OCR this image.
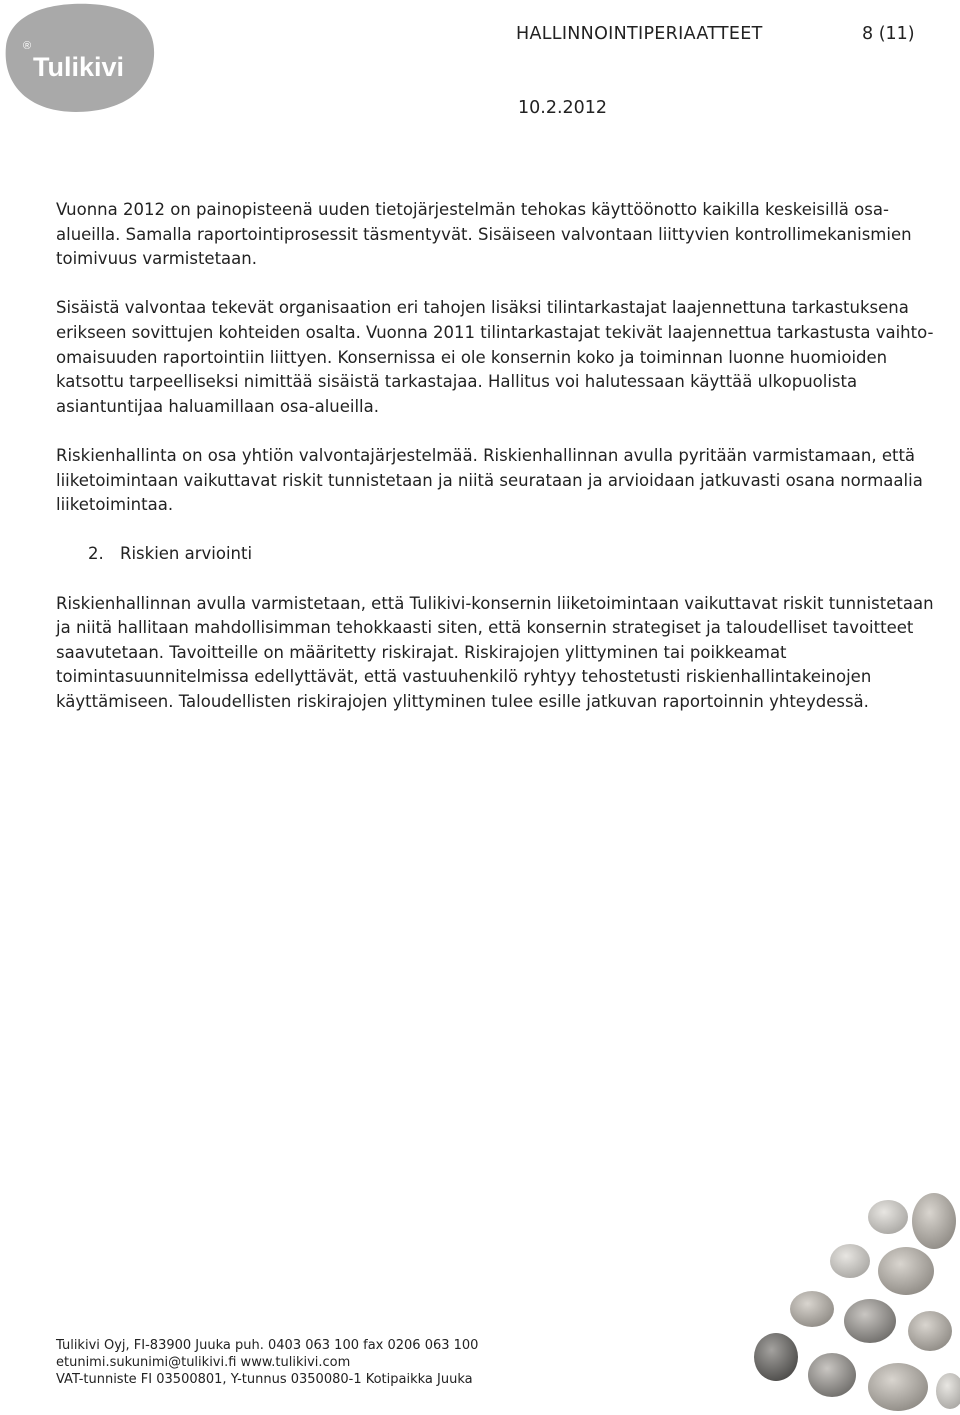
®
Tulikivi
HALLINNOINTIPERIAATTEET	8 (11)
10.2.2012

Vuonna 2012 on painopisteenä uuden tietojärjestelmän tehokas käyttöönotto kaikilla keskeisillä osa-alueilla. Samalla raportointiprosessit täsmentyvät. Sisäiseen valvontaan liittyvien kontrollimekanismien toimivuus varmistetaan.

Sisäistä valvontaa tekevät organisaation eri tahojen lisäksi tilintarkastajat laajennettuna tarkastuksena erikseen sovittujen kohteiden osalta. Vuonna 2011 tilintarkastajat tekivät laajennettua tarkastusta vaihto-omaisuuden raportointiin liittyen. Konsernissa ei ole konsernin koko ja toiminnan luonne huomioiden katsottu tarpeelliseksi nimittää sisäistä tarkastajaa. Hallitus voi halutessaan käyttää ulkopuolista asiantuntijaa haluamillaan osa-alueilla.

Riskienhallinta on osa yhtiön valvontajärjestelmää. Riskienhallinnan avulla pyritään varmistamaan, että liiketoimintaan vaikuttavat riskit tunnistetaan ja niitä seurataan ja arvioidaan jatkuvasti osana normaalia liiketoimintaa.

2. Riskien arviointi

Riskienhallinnan avulla varmistetaan, että Tulikivi-konsernin liiketoimintaan vaikuttavat riskit tunnistetaan ja niitä hallitaan mahdollisimman tehokkaasti siten, että konsernin strategiset ja taloudelliset tavoitteet saavutetaan. Tavoitteille on määritetty riskirajat. Riskirajojen ylittyminen tai poikkeamat toimintasuunnitelmissa edellyttävät, että vastuuhenkilö ryhtyy tehostetusti riskienhallintakeinojen käyttämiseen. Taloudellisten riskirajojen ylittyminen tulee esille jatkuvan raportoinnin yhteydessä.

Tulikivi Oyj, FI-83900 Juuka puh. 0403 063 100 fax 0206 063 100
etunimi.sukunimi@tulikivi.fi www.tulikivi.com
VAT-tunniste FI 03500801, Y-tunnus 0350080-1 Kotipaikka Juuka
